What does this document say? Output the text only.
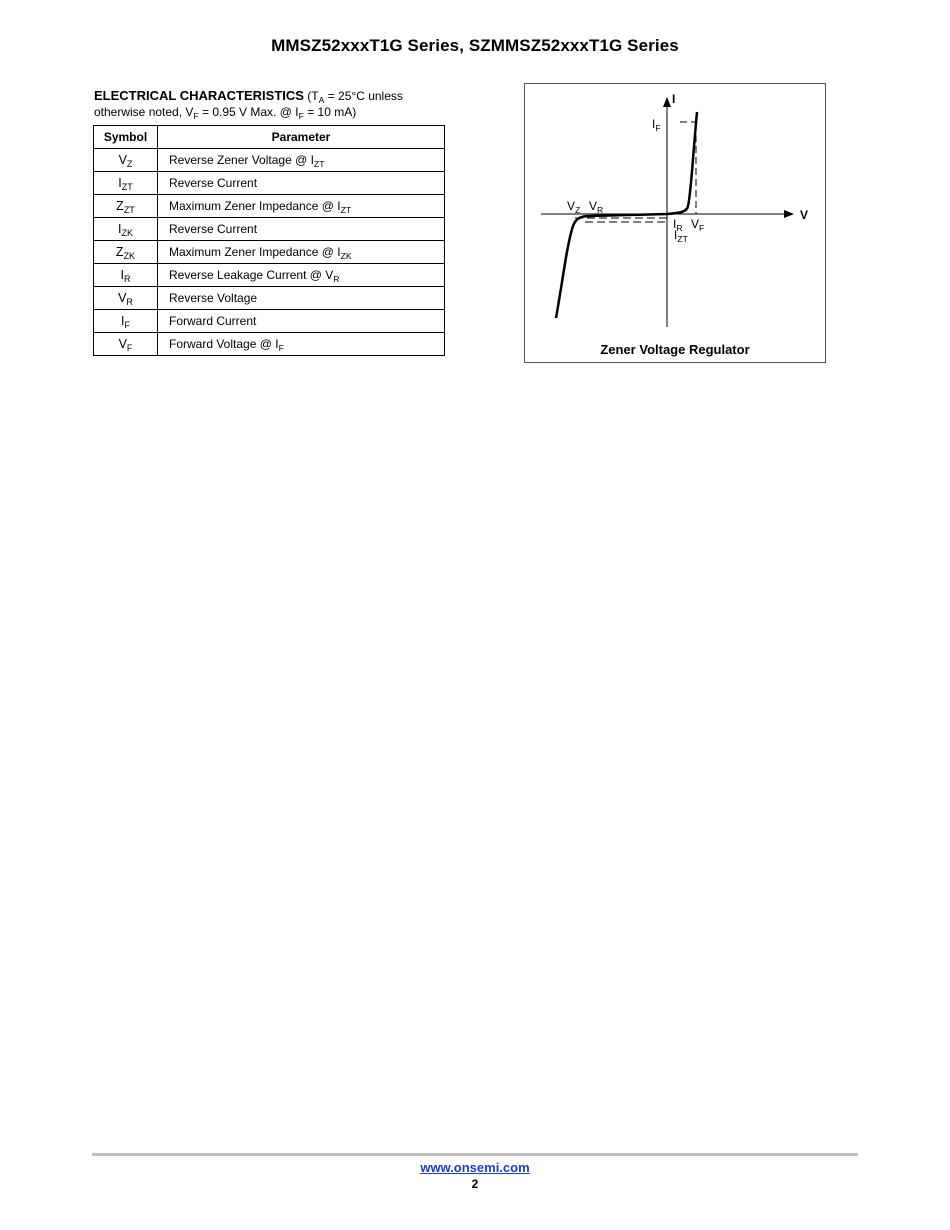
MMSZ52xxxT1G Series, SZMMSZ52xxxT1G Series
ELECTRICAL CHARACTERISTICS ($T_A = 25^\circ C$ unless
otherwise noted, $V_F = 0.95$ V Max. @ $I_F = 10$ mA)
Symbol	Parameter
$V_Z$	Reverse Zener Voltage @ $I_{ZT}$
$I_{ZT}$	Reverse Current
$Z_{ZT}$	Maximum Zener Impedance @ $I_{ZT}$
$I_{ZK}$	Reverse Current
$Z_{ZK}$	Maximum Zener Impedance @ $I_{ZK}$
$I_R$	Reverse Leakage Current @ $V_R$
$V_R$	Reverse Voltage
$I_F$	Forward Current
$V_F$	Forward Voltage @ $I_F$
I
V
$I_F$
$V_Z$ $V_R$
$I_R$ $V_F$
$I_{ZT}$
Zener Voltage Regulator
www.onsemi.com
2
